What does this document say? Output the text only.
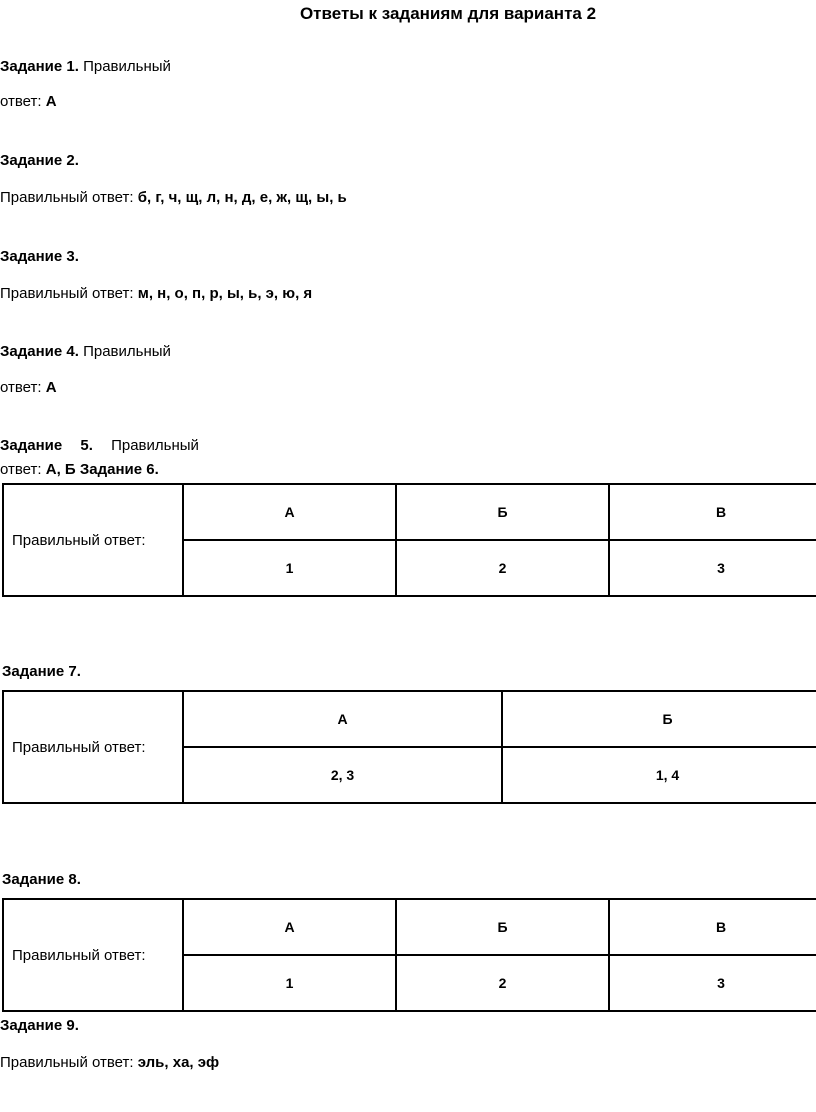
Ответы к заданиям для варианта 2
Задание 1. Правильный
ответ: А
Задание 2.
Правильный ответ: б, г, ч, щ, л, н, д, е, ж, щ, ы, ь
Задание 3.
Правильный ответ: м, н, о, п, р, ы, ь, э, ю, я
Задание 4. Правильный
ответ: А
Задание 5. Правильный
ответ: А, Б Задание 6.
Правильный ответ:	А	Б	В
	1	2	3
Задание 7.
Правильный ответ:	А	Б
	2, 3	1, 4
Задание 8.
Правильный ответ:	А	Б	В
	1	2	3
Задание 9.
Правильный ответ: эль, ха, эф
